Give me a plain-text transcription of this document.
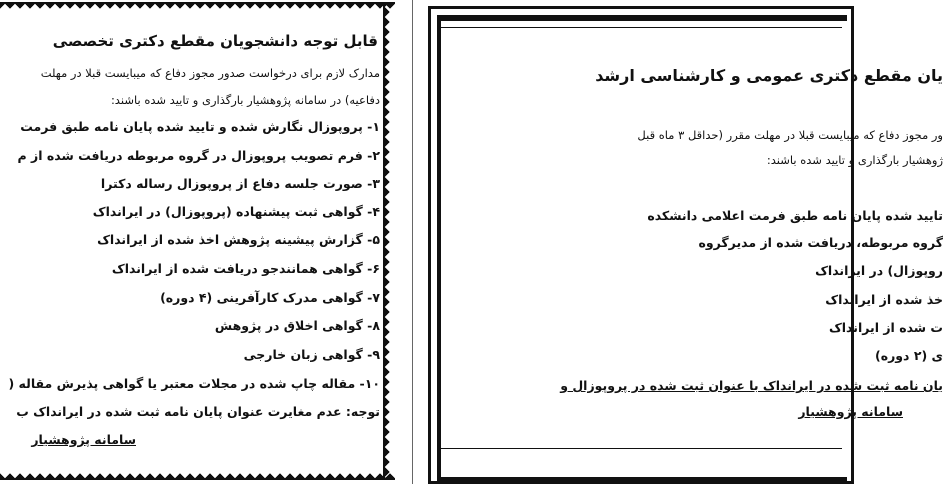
قابل توجه دانشجویان مقطع دکتری تخصصی
مدارک لازم برای درخواست صدور مجوز دفاع که میبایست قبلا در مهلت
دفاعیه) در سامانه پژوهشیار بارگذاری و تایید شده باشند:
۱- پروپوزال نگارش شده و تایید شده پایان نامه طبق فرمت
۲- فرم تصویب پروپوزال در گروه مربوطه دریافت شده از م
۳- صورت جلسه دفاع از پروپوزال رساله دکترا
۴- گواهی ثبت پیشنهاده (پروپوزال) در ایرانداک
۵- گزارش پیشینه پژوهش اخذ شده از ایرانداک
۶- گواهی همانندجو دریافت شده از ایرانداک
۷- گواهی مدرک کارآفرینی (۴ دوره)
۸- گواهی اخلاق در پژوهش
۹- گواهی زبان خارجی
۱۰- مقاله چاپ شده در مجلات معتبر یا گواهی پذیرش مقاله (
توجه: عدم مغایرت عنوان پایان نامه ثبت شده در ایرانداک ب
سامانه پژوهشیار
یان مقطع دکتری عمومی و کارشناسی ارشد
ور مجوز دفاع که میبایست قبلا در مهلت مقرر (حداقل ۳ ماه قبل
ژوهشیار بارگذاری و تایید شده باشند:
تایید شده پایان نامه طبق فرمت اعلامی دانشکده
گروه مربوطه، دریافت شده از مدیرگروه
روپوزال) در ایرانداک
خذ شده از ایرانداک
ت شده از ایرانداک
ی (۲ دوره)
یان نامه ثبت شده در ایرانداک با عنوان ثبت شده در پروپوزال و
سامانه پژوهشیار
